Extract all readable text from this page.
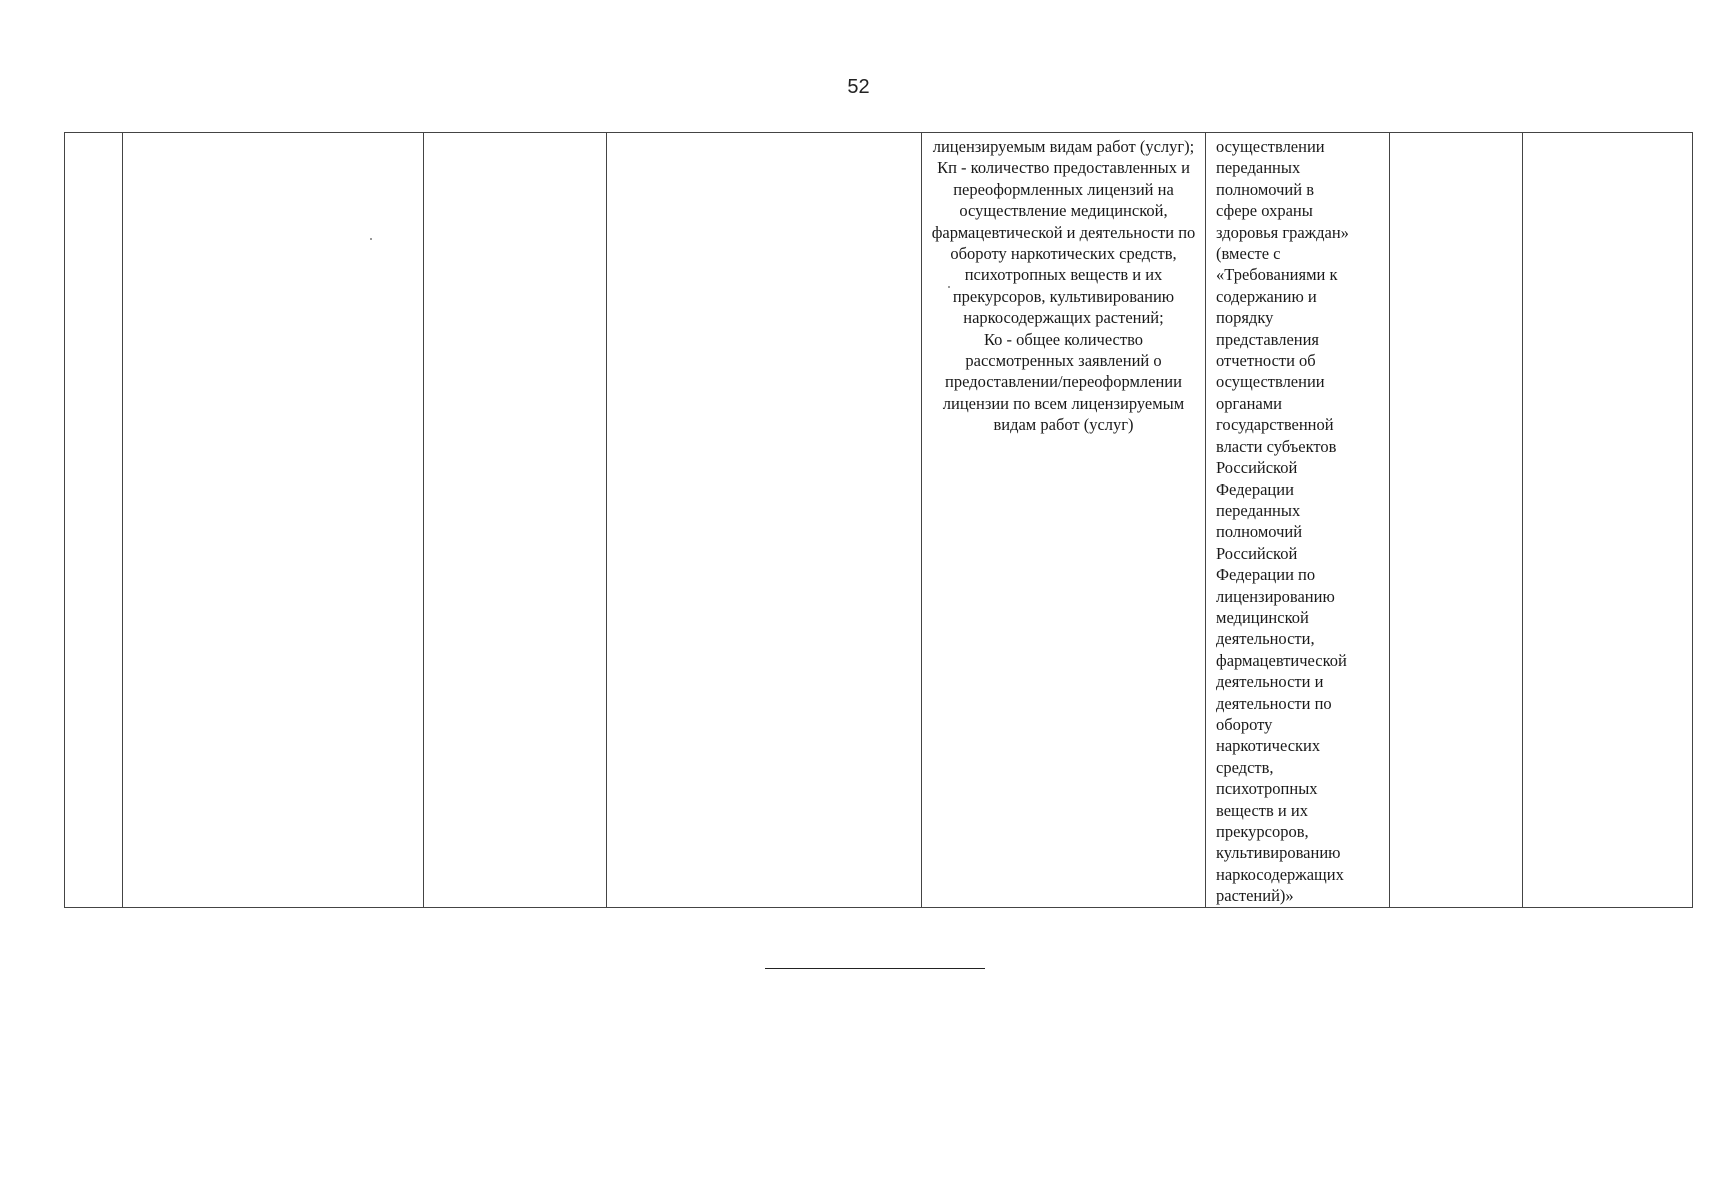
52

лицензируемым видам работ (услуг);
Кп - количество предоставленных и переоформленных лицензий на осуществление медицинской, фармацевтической и деятельности по обороту наркотических средств, психотропных веществ и их прекурсоров, культивированию наркосодержащих растений;
Ко - общее количество рассмотренных заявлений о предоставлении/переоформлении лицензии по всем лицензируемым видам работ (услуг)

осуществлении
переданных
полномочий в
сфере охраны
здоровья граждан»
(вместе с
«Требованиями к
содержанию и
порядку
представления
отчетности об
осуществлении
органами
государственной
власти субъектов
Российской
Федерации
переданных
полномочий
Российской
Федерации по
лицензированию
медицинской
деятельности,
фармацевтической
деятельности и
деятельности по
обороту
наркотических
средств,
психотропных
веществ и их
прекурсоров,
культивированию
наркосодержащих
растений)»
